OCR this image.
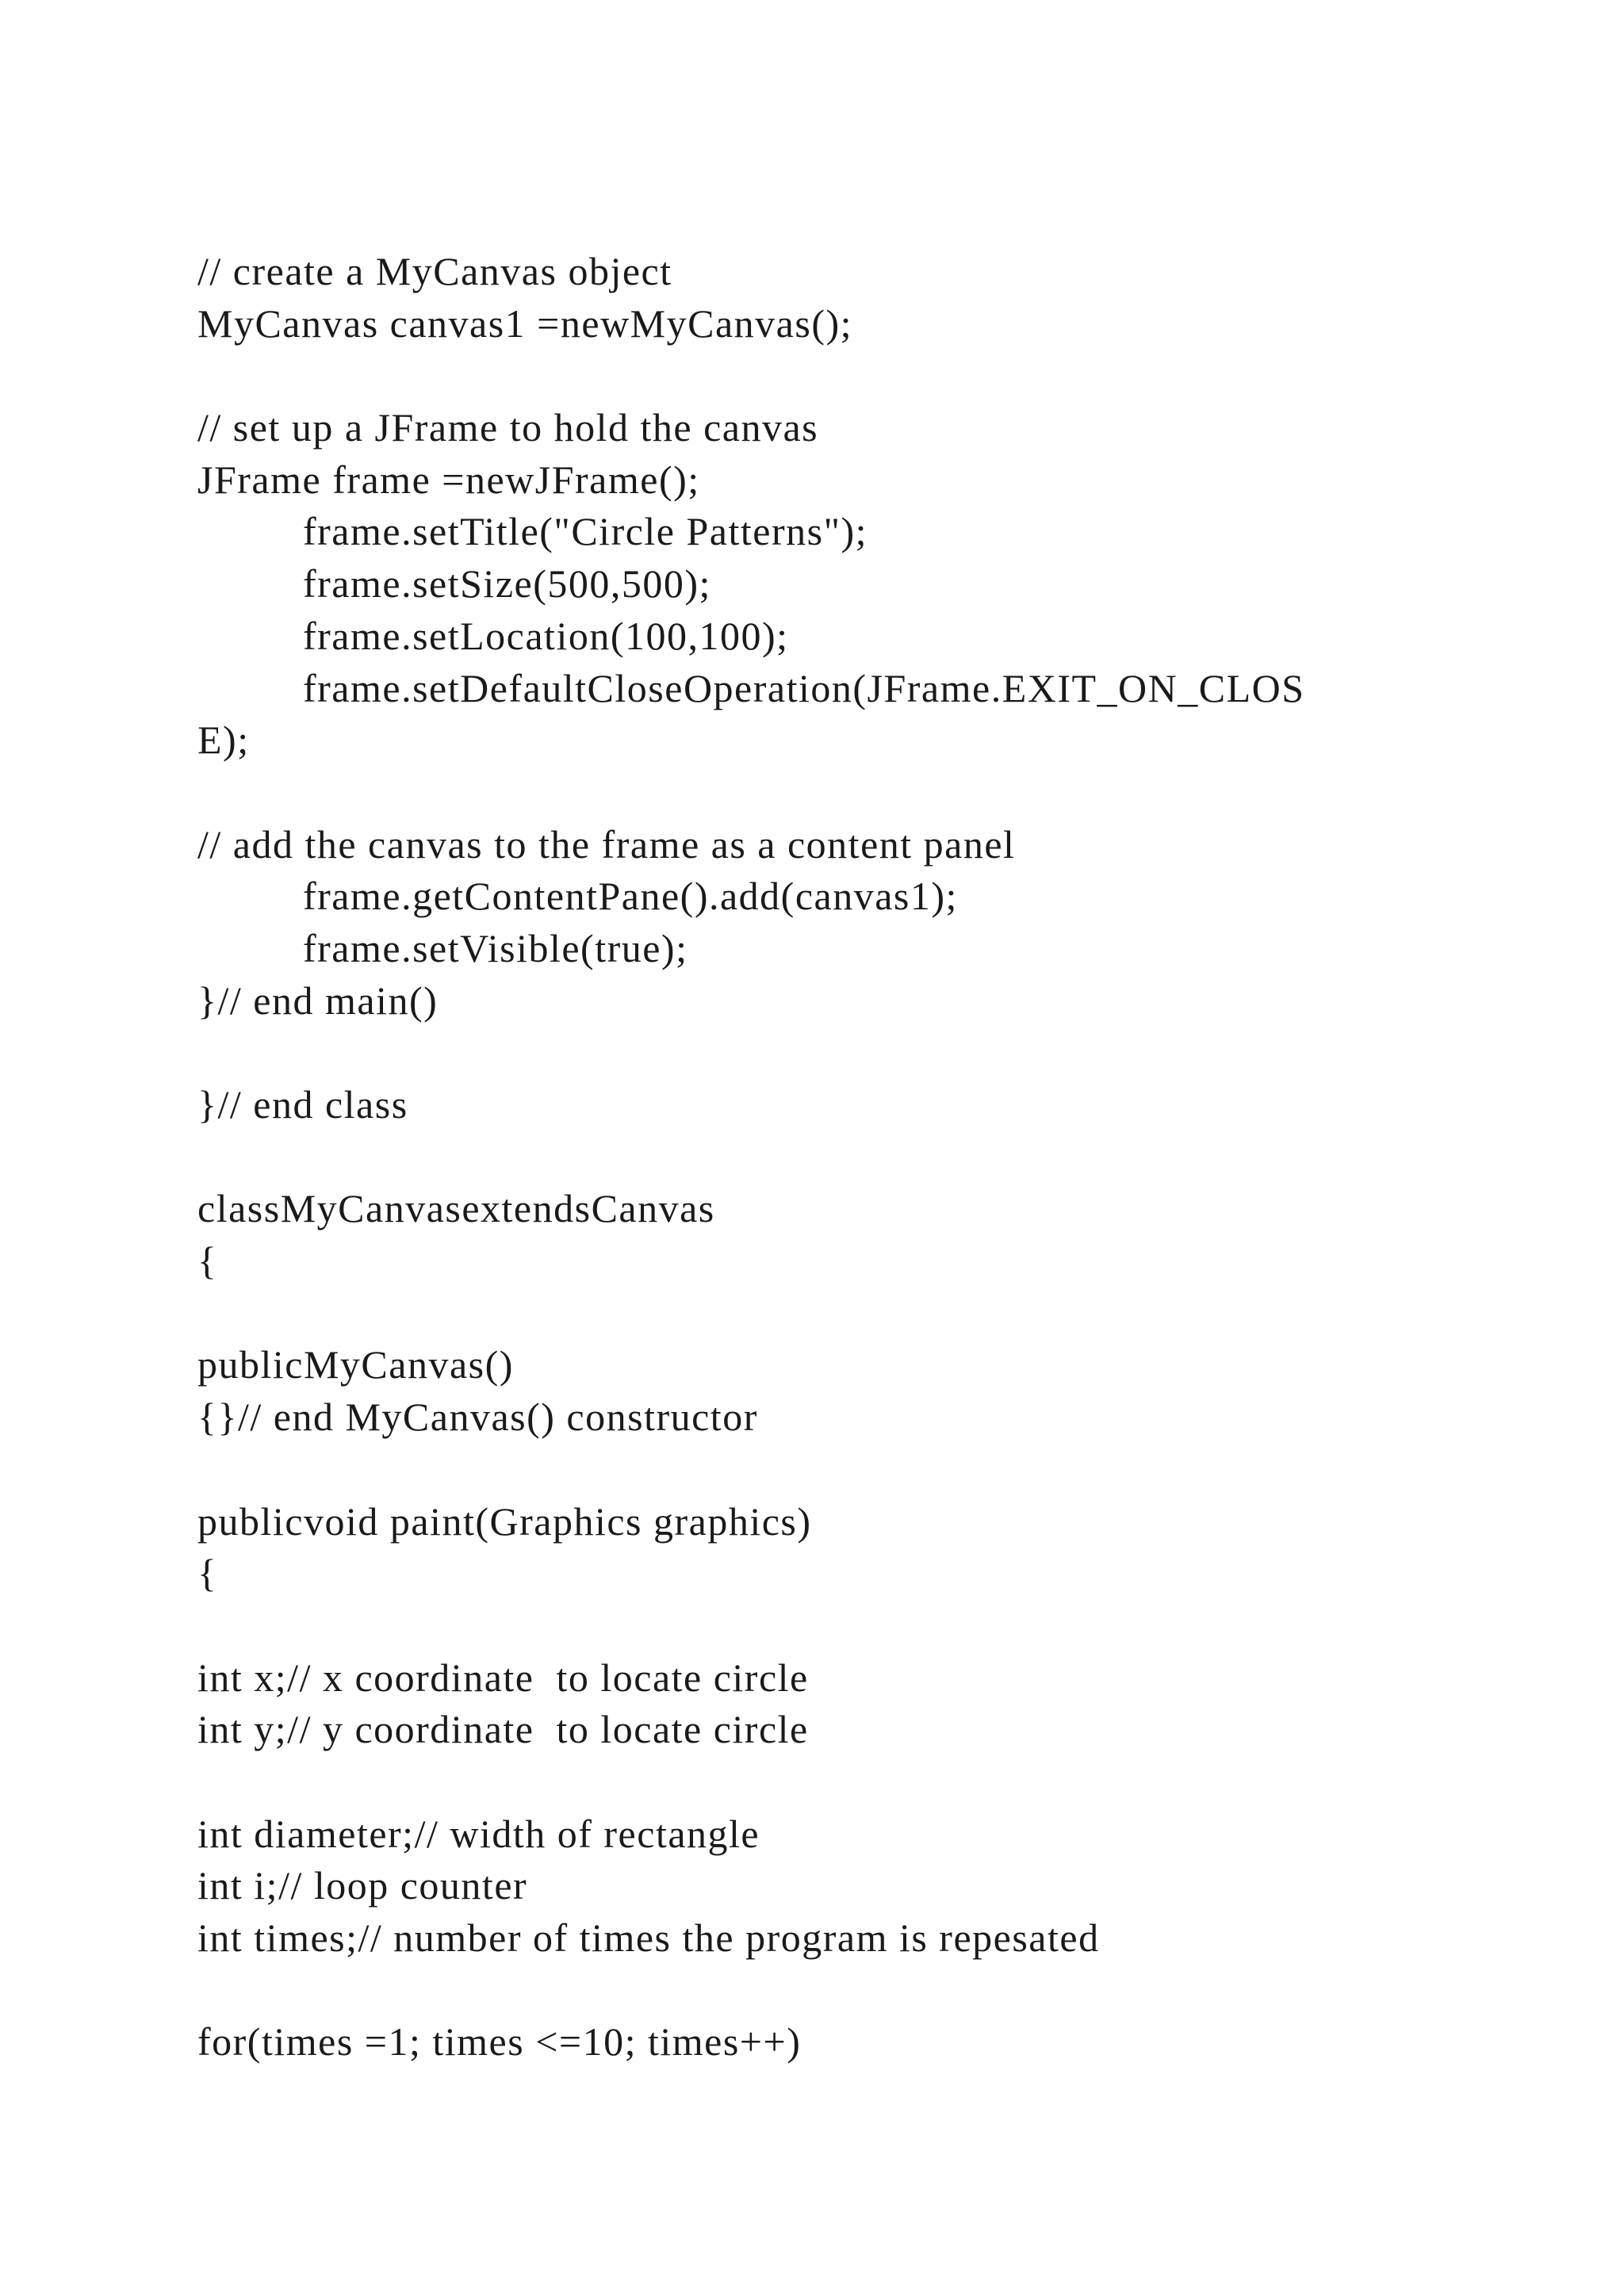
// create a MyCanvas object
MyCanvas canvas1 =newMyCanvas();
// set up a JFrame to hold the canvas
JFrame frame =newJFrame();
frame.setTitle("Circle Patterns");
frame.setSize(500,500);
frame.setLocation(100,100);
frame.setDefaultCloseOperation(JFrame.EXIT_ON_CLOS
E);
// add the canvas to the frame as a content panel
frame.getContentPane().add(canvas1);
frame.setVisible(true);
}// end main()
}// end class
classMyCanvasextendsCanvas
{
publicMyCanvas()
{}// end MyCanvas() constructor
publicvoid paint(Graphics graphics)
{
int x;// x coordinate  to locate circle
int y;// y coordinate  to locate circle
int diameter;// width of rectangle
int i;// loop counter
int times;// number of times the program is repesated
for(times =1; times <=10; times++)
